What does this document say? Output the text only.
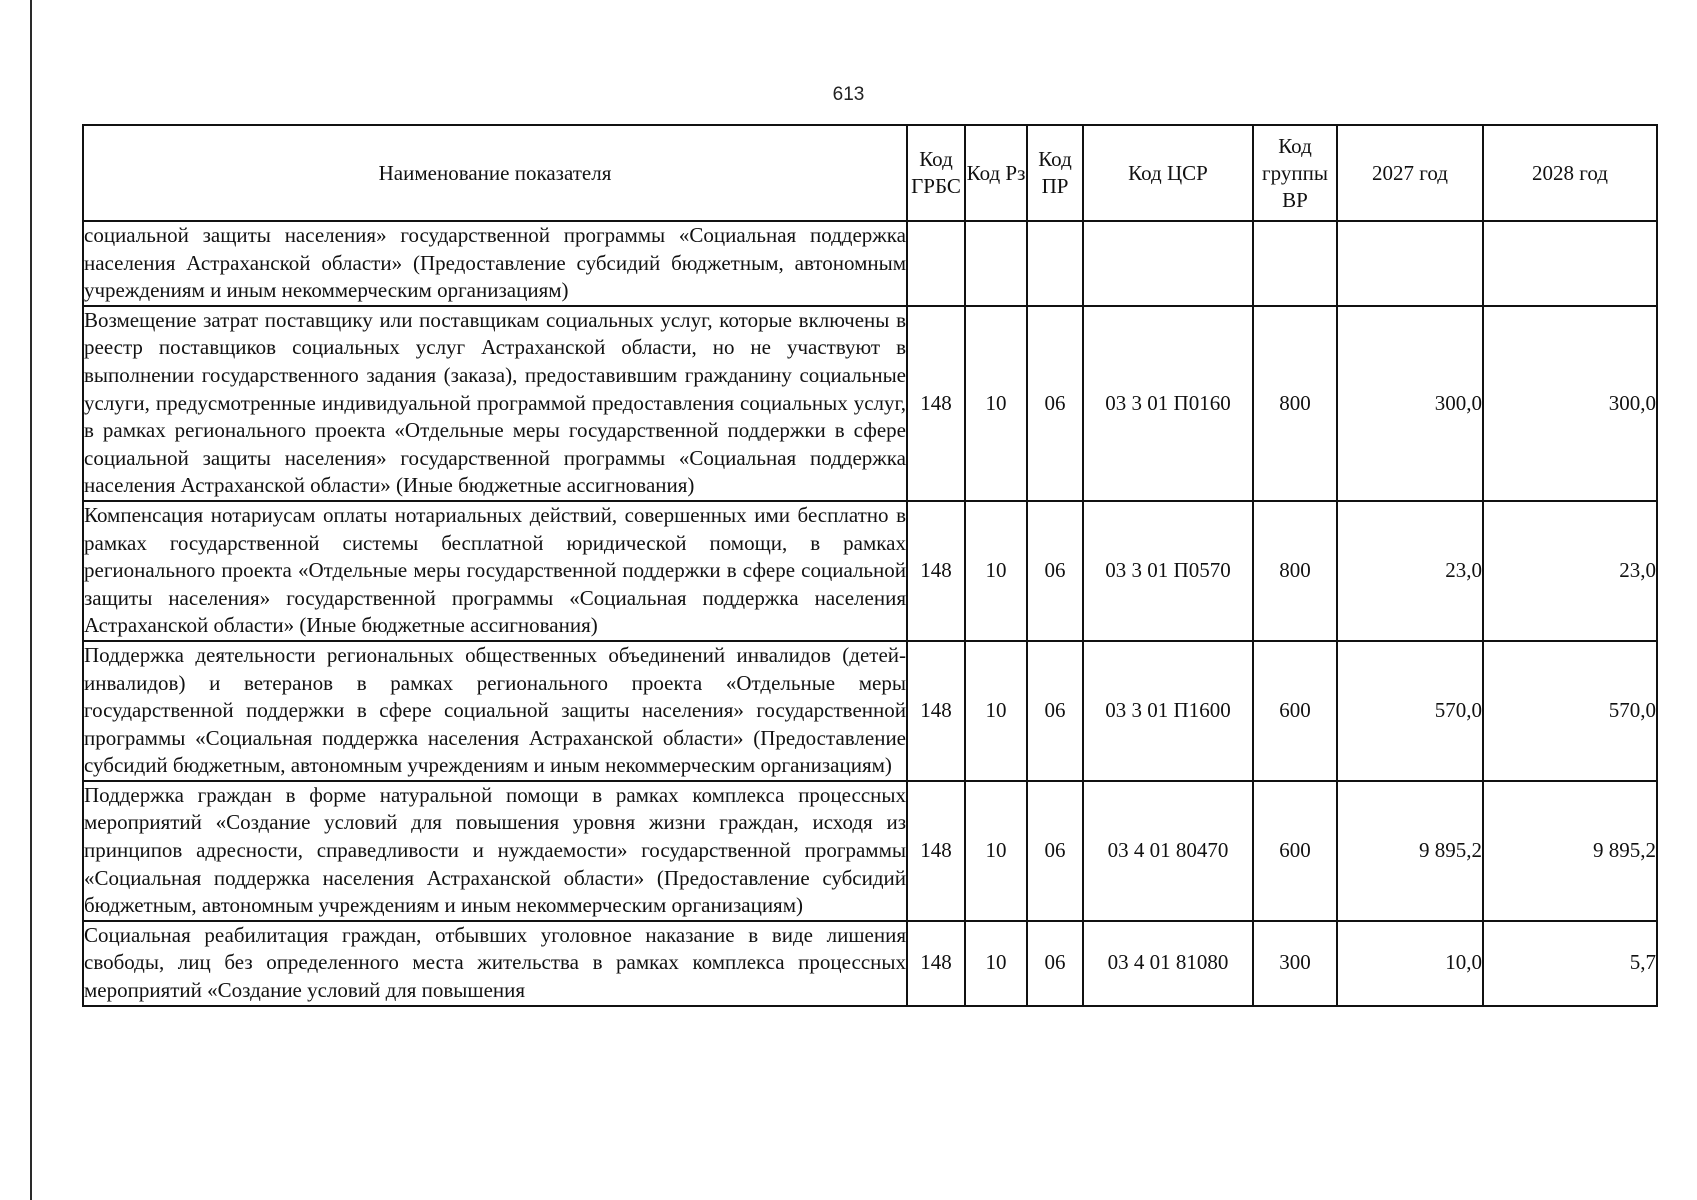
613
Наименование показателя	Код ГРБС	Код Рз	Код ПР	Код ЦСР	Код группы ВР	2027 год	2028 год
социальной защиты населения» государственной программы «Социальная поддержка населения Астраханской области» (Предоставление субсидий бюджетным, автономным учреждениям и иным некоммерческим организациям)							
Возмещение затрат поставщику или поставщикам социальных услуг, которые включены в реестр поставщиков социальных услуг Астраханской области, но не участвуют в выполнении государственного задания (заказа), предоставившим гражданину социальные услуги, предусмотренные индивидуальной программой предоставления социальных услуг, в рамках регионального проекта «Отдельные меры государственной поддержки в сфере социальной защиты населения» государственной программы «Социальная поддержка населения Астраханской области» (Иные бюджетные ассигнования)	148	10	06	03 3 01 П0160	800	300,0	300,0
Компенсация нотариусам оплаты нотариальных действий, совершенных ими бесплатно в рамках государственной системы бесплатной юридической помощи, в рамках регионального проекта «Отдельные меры государственной поддержки в сфере социальной защиты населения» государственной программы «Социальная поддержка населения Астраханской области» (Иные бюджетные ассигнования)	148	10	06	03 3 01 П0570	800	23,0	23,0
Поддержка деятельности региональных общественных объединений инвалидов (детей-инвалидов) и ветеранов в рамках регионального проекта «Отдельные меры государственной поддержки в сфере социальной защиты населения» государственной программы «Социальная поддержка населения Астраханской области» (Предоставление субсидий бюджетным, автономным учреждениям и иным некоммерческим организациям)	148	10	06	03 3 01 П1600	600	570,0	570,0
Поддержка граждан в форме натуральной помощи в рамках комплекса процессных мероприятий «Создание условий для повышения уровня жизни граждан, исходя из принципов адресности, справедливости и нуждаемости» государственной программы «Социальная поддержка населения Астраханской области» (Предоставление субсидий бюджетным, автономным учреждениям и иным некоммерческим организациям)	148	10	06	03 4 01 80470	600	9 895,2	9 895,2
Социальная реабилитация граждан, отбывших уголовное наказание в виде лишения свободы, лиц без определенного места жительства в рамках комплекса процессных мероприятий «Создание условий для повышения	148	10	06	03 4 01 81080	300	10,0	5,7
